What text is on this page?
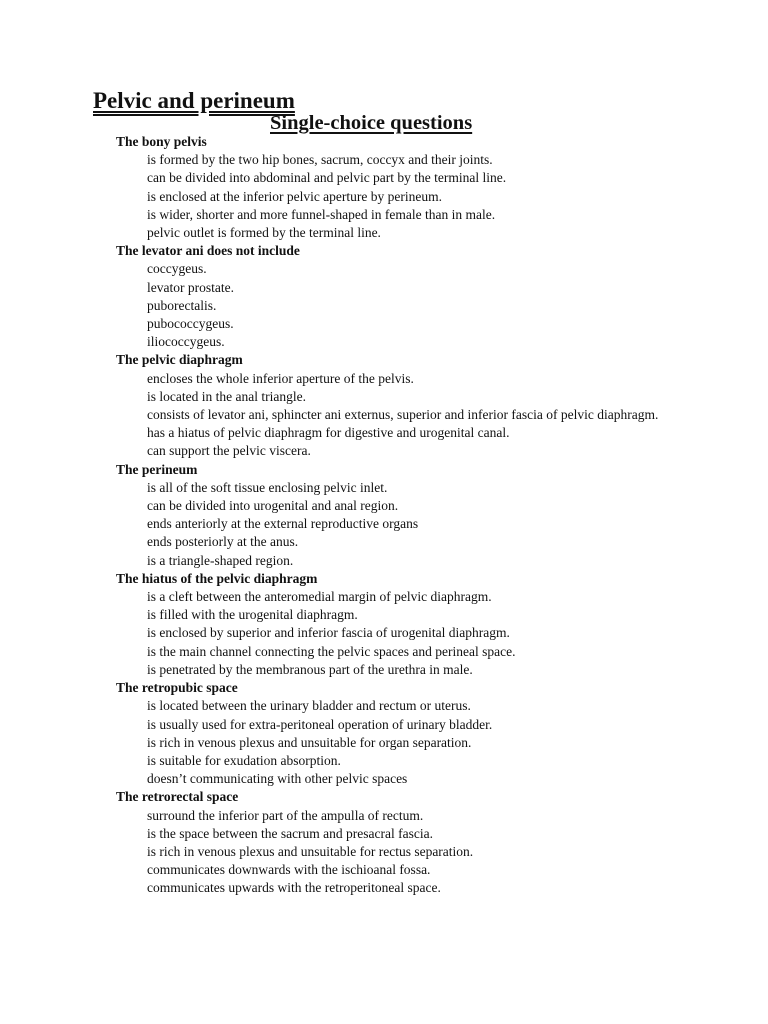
Pelvic and perineum
Single-choice questions
The bony pelvis
is formed by the two hip bones, sacrum, coccyx and their joints.
can be divided into abdominal and pelvic part by the terminal line.
is enclosed at the inferior pelvic aperture by perineum.
is wider, shorter and more funnel-shaped in female than in male.
pelvic outlet is formed by the terminal line.
The levator ani does not include
coccygeus.
levator prostate.
puborectalis.
pubococcygeus.
iliococcygeus.
The pelvic diaphragm
encloses the whole inferior aperture of the pelvis.
is located in the anal triangle.
consists of levator ani, sphincter ani externus, superior and inferior fascia of pelvic diaphragm.
has a hiatus of pelvic diaphragm for digestive and urogenital canal.
can support the pelvic viscera.
The perineum
is all of the soft tissue enclosing pelvic inlet.
can be divided into urogenital and anal region.
ends anteriorly at the external reproductive organs
ends posteriorly at the anus.
is a triangle-shaped region.
The hiatus of the pelvic diaphragm
is a cleft between the anteromedial margin of pelvic diaphragm.
is filled with the urogenital diaphragm.
is enclosed by superior and inferior fascia of urogenital diaphragm.
is the main channel connecting the pelvic spaces and perineal space.
is penetrated by the membranous part of the urethra in male.
The retropubic space
is located between the urinary bladder and rectum or uterus.
is usually used for extra-peritoneal operation of urinary bladder.
is rich in venous plexus and unsuitable for organ separation.
is suitable for exudation absorption.
doesn’t communicating with other pelvic spaces
The retrorectal space
surround the inferior part of the ampulla of rectum.
is the space between the sacrum and presacral fascia.
is rich in venous plexus and unsuitable for rectus separation.
communicates downwards with the ischioanal fossa.
communicates upwards with the retroperitoneal space.
